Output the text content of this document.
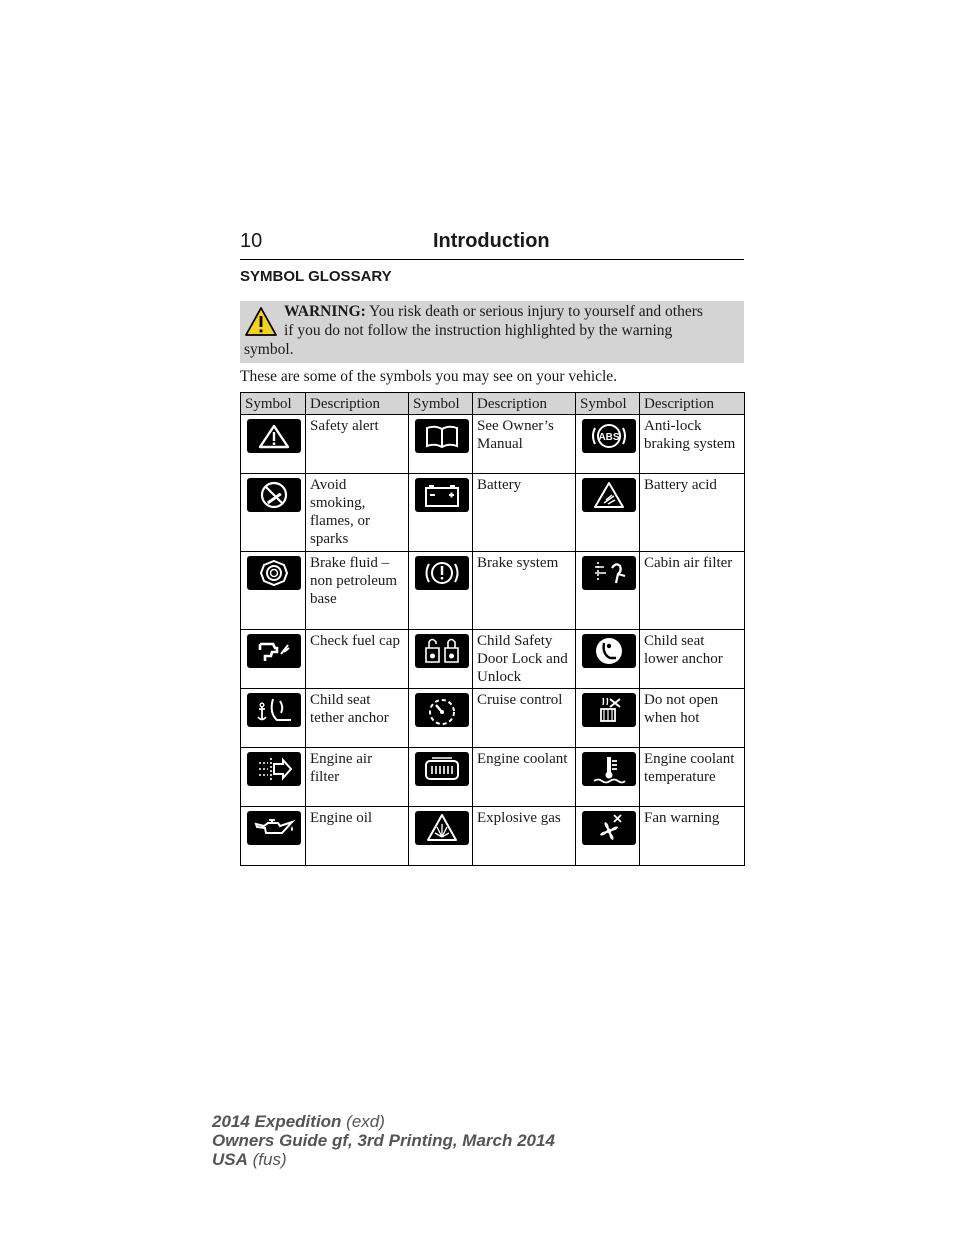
10	Introduction
SYMBOL GLOSSARY
WARNING: You risk death or serious injury to yourself and others if you do not follow the instruction highlighted by the warning symbol.
These are some of the symbols you may see on your vehicle.
Symbol	Description	Symbol	Description	Symbol	Description

	Safety alert		See Owner’s Manual	ABS	Anti-lock braking system

	Avoid smoking, flames, or sparks		Battery		Battery acid

	Brake fluid – non petroleum base		Brake system		Cabin air filter

	Check fuel cap		Child Safety Door Lock and Unlock		Child seat lower anchor

	Child seat tether anchor		Cruise control		Do not open when hot

	Engine air filter		Engine coolant		Engine coolant temperature

	Engine oil		Explosive gas		Fan warning
2014 Expedition (exd)
Owners Guide gf, 3rd Printing, March 2014
USA (fus)
